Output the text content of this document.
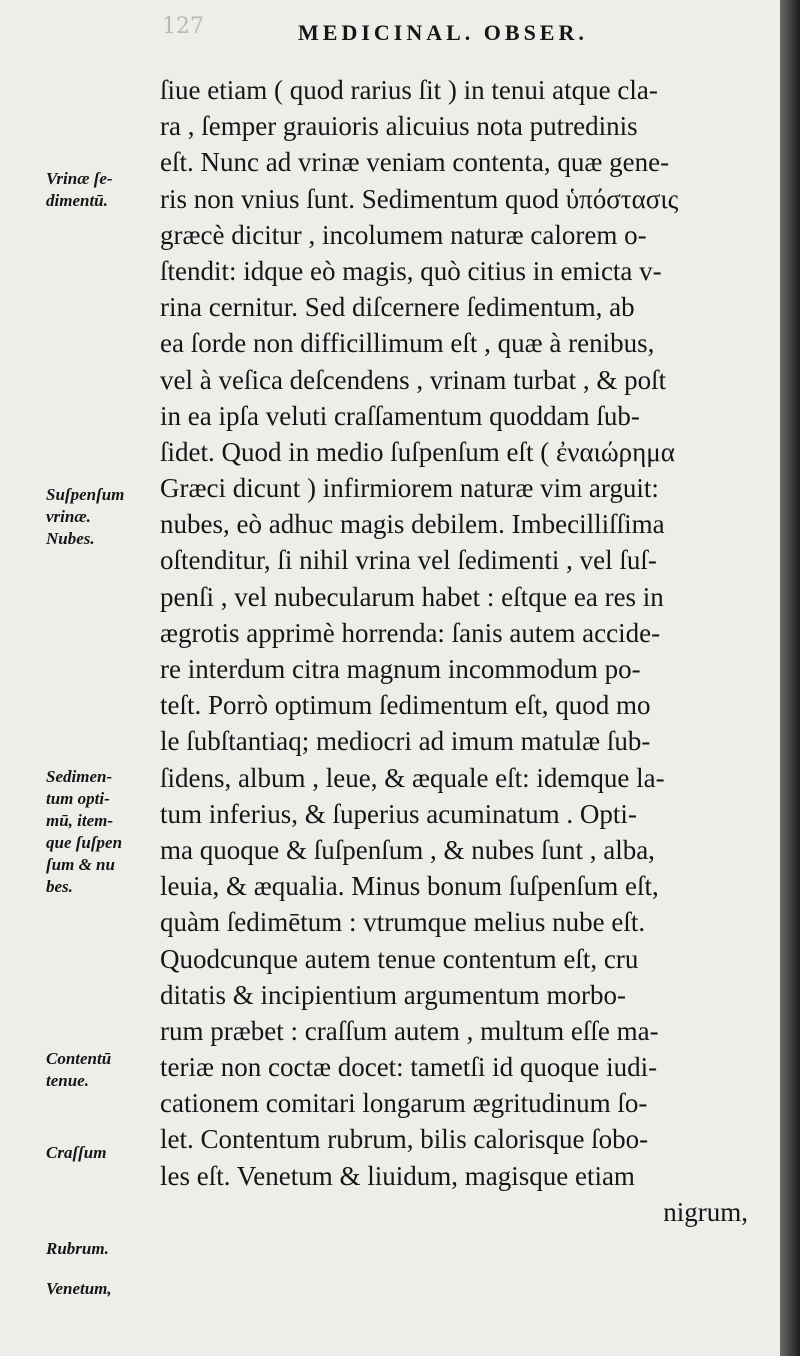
127	MEDICINAL. OBSER.
ſiue etiam ( quod rarius ſit ) in tenui atque cla-
ra , ſemper grauioris alicuius nota putredinis
eſt. Nunc ad vrinæ veniam contenta, quæ gene-
ris non vnius ſunt. Sedimentum quod ὑπόστασις
græcè dicitur , incolumem naturæ calorem o-
ſtendit: idque eò magis, quò citius in emicta v-
rina cernitur. Sed diſcernere ſedimentum, ab
ea ſorde non difficillimum eſt , quæ à renibus,
vel à veſica deſcendens , vrinam turbat , & poſt
in ea ipſa veluti craſſamentum quoddam ſub-
ſidet. Quod in medio ſuſpenſum eſt ( ἐναιώρημα
Græci dicunt ) infirmiorem naturæ vim arguit:
nubes, eò adhuc magis debilem. Imbecilliſſima
oſtenditur, ſi nihil vrina vel ſedimenti , vel ſuſ-
penſi , vel nubecularum habet : eſtque ea res in
ægrotis apprimè horrenda: ſanis autem accide-
re interdum citra magnum incommodum po-
teſt. Porrò optimum ſedimentum eſt, quod mo
le ſubſtantiaq; mediocri ad imum matulæ ſub-
ſidens, album , leue, & æquale eſt: idemque la-
tum inferius, & ſuperius acuminatum . Opti-
ma quoque & ſuſpenſum , & nubes ſunt , alba,
leuia, & æqualia. Minus bonum ſuſpenſum eſt,
quàm ſedimētum : vtrumque melius nube eſt.
Quodcunque autem tenue contentum eſt, cru
ditatis & incipientium argumentum morbo-
rum præbet : craſſum autem , multum eſſe ma-
teriæ non coctæ docet: tametſi id quoque iudi-
cationem comitari longarum ægritudinum ſo-
let. Contentum rubrum, bilis calorisque ſobo-
les eſt. Venetum & liuidum, magisque etiam
nigrum,
Vrinæ ſe-
dimentū.
Suſpenſum
vrinæ.
Nubes.
Sedimen-
tum opti-
mū, item-
que ſuſpen
ſum & nu
bes.
Contentū
tenue.
Craſſum
Rubrum.
Venetum,
